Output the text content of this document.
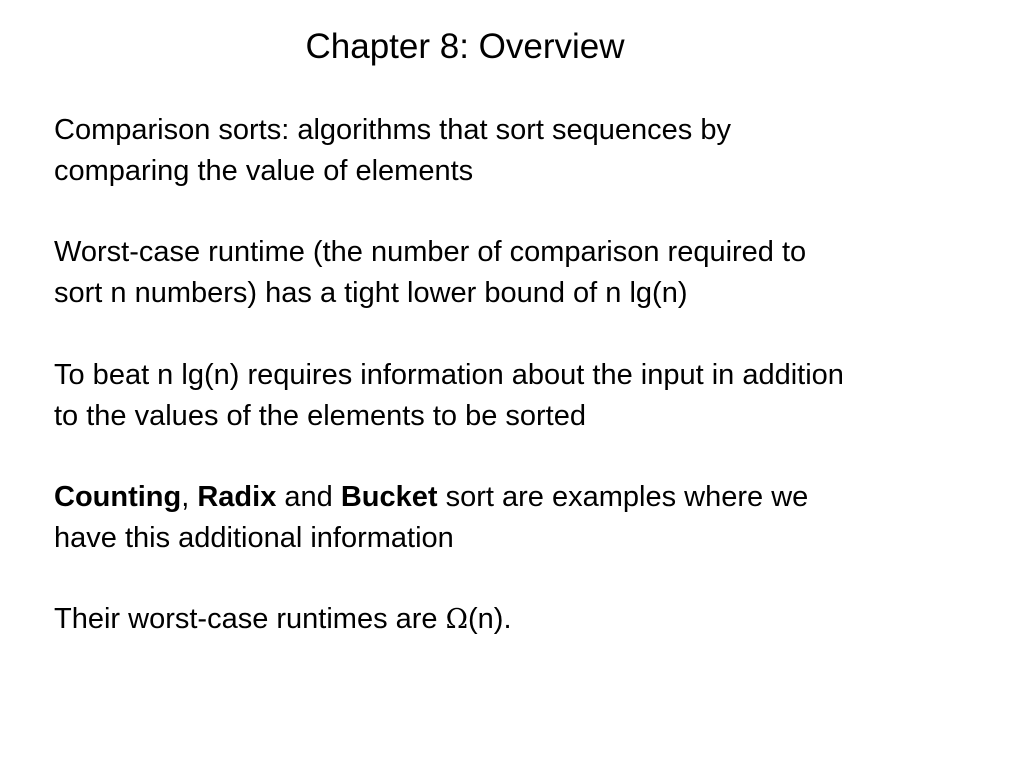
Chapter 8: Overview
Comparison sorts: algorithms that sort sequences by
comparing the value of elements
Worst-case runtime (the number of comparison required to
sort n numbers) has a tight lower bound of n lg(n)
To beat n lg(n) requires information about the input in addition
to the values of the elements to be sorted
Counting, Radix and Bucket sort are examples where we
have this additional information
Their worst-case runtimes are Ω(n).
